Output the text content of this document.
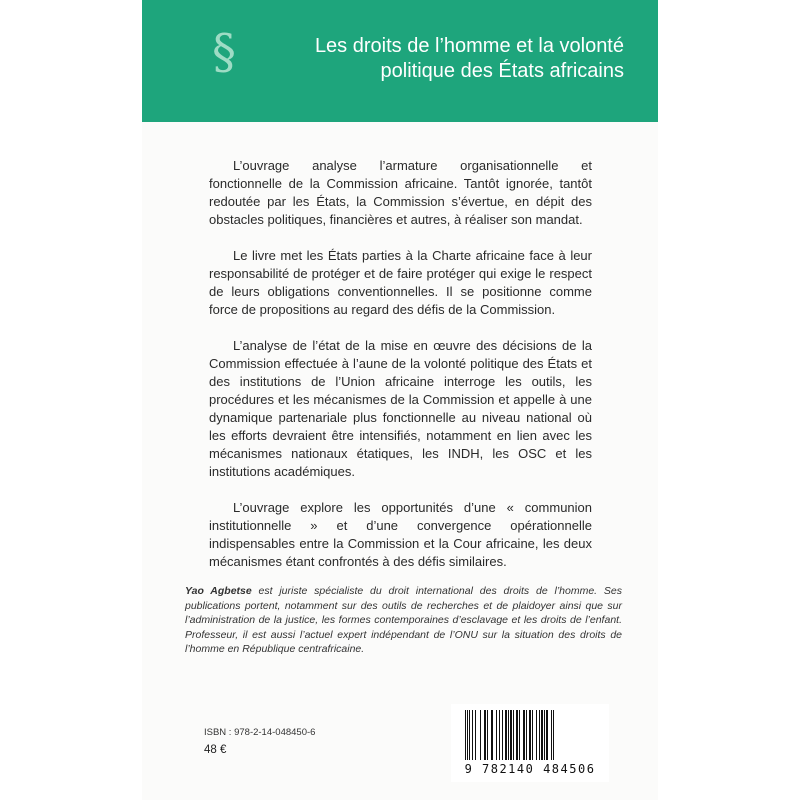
§	Les droits de l’homme et la volonté
politique des États africains

L’ouvrage analyse l’armature organisationnelle et fonctionnelle de la Commission africaine. Tantôt ignorée, tantôt redoutée par les États, la Commission s’évertue, en dépit des obstacles politiques, financières et autres, à réaliser son mandat.

Le livre met les États parties à la Charte africaine face à leur responsabilité de protéger et de faire protéger qui exige le respect de leurs obligations conventionnelles. Il se positionne comme force de propositions au regard des défis de la Commission.

L’analyse de l’état de la mise en œuvre des décisions de la Commission effectuée à l’aune de la volonté politique des États et des institutions de l’Union africaine interroge les outils, les procédures et les mécanismes de la Commission et appelle à une dynamique partenariale plus fonctionnelle au niveau national où les efforts devraient être intensifiés, notamment en lien avec les mécanismes nationaux étatiques, les INDH, les OSC et les institutions académiques.

L’ouvrage explore les opportunités d’une « communion institutionnelle » et d’une convergence opérationnelle indispensables entre la Commission et la Cour africaine, les deux mécanismes étant confrontés à des défis similaires.

Yao Agbetse est juriste spécialiste du droit international des droits de l’homme. Ses publications portent, notamment sur des outils de recherches et de plaidoyer ainsi que sur l’administration de la justice, les formes contemporaines d’esclavage et les droits de l’enfant. Professeur, il est aussi l’actuel expert indépendant de l’ONU sur la situation des droits de l’homme en République centrafricaine.
ISBN : 978-2-14-048450-6
48 €
9 782140 484506
